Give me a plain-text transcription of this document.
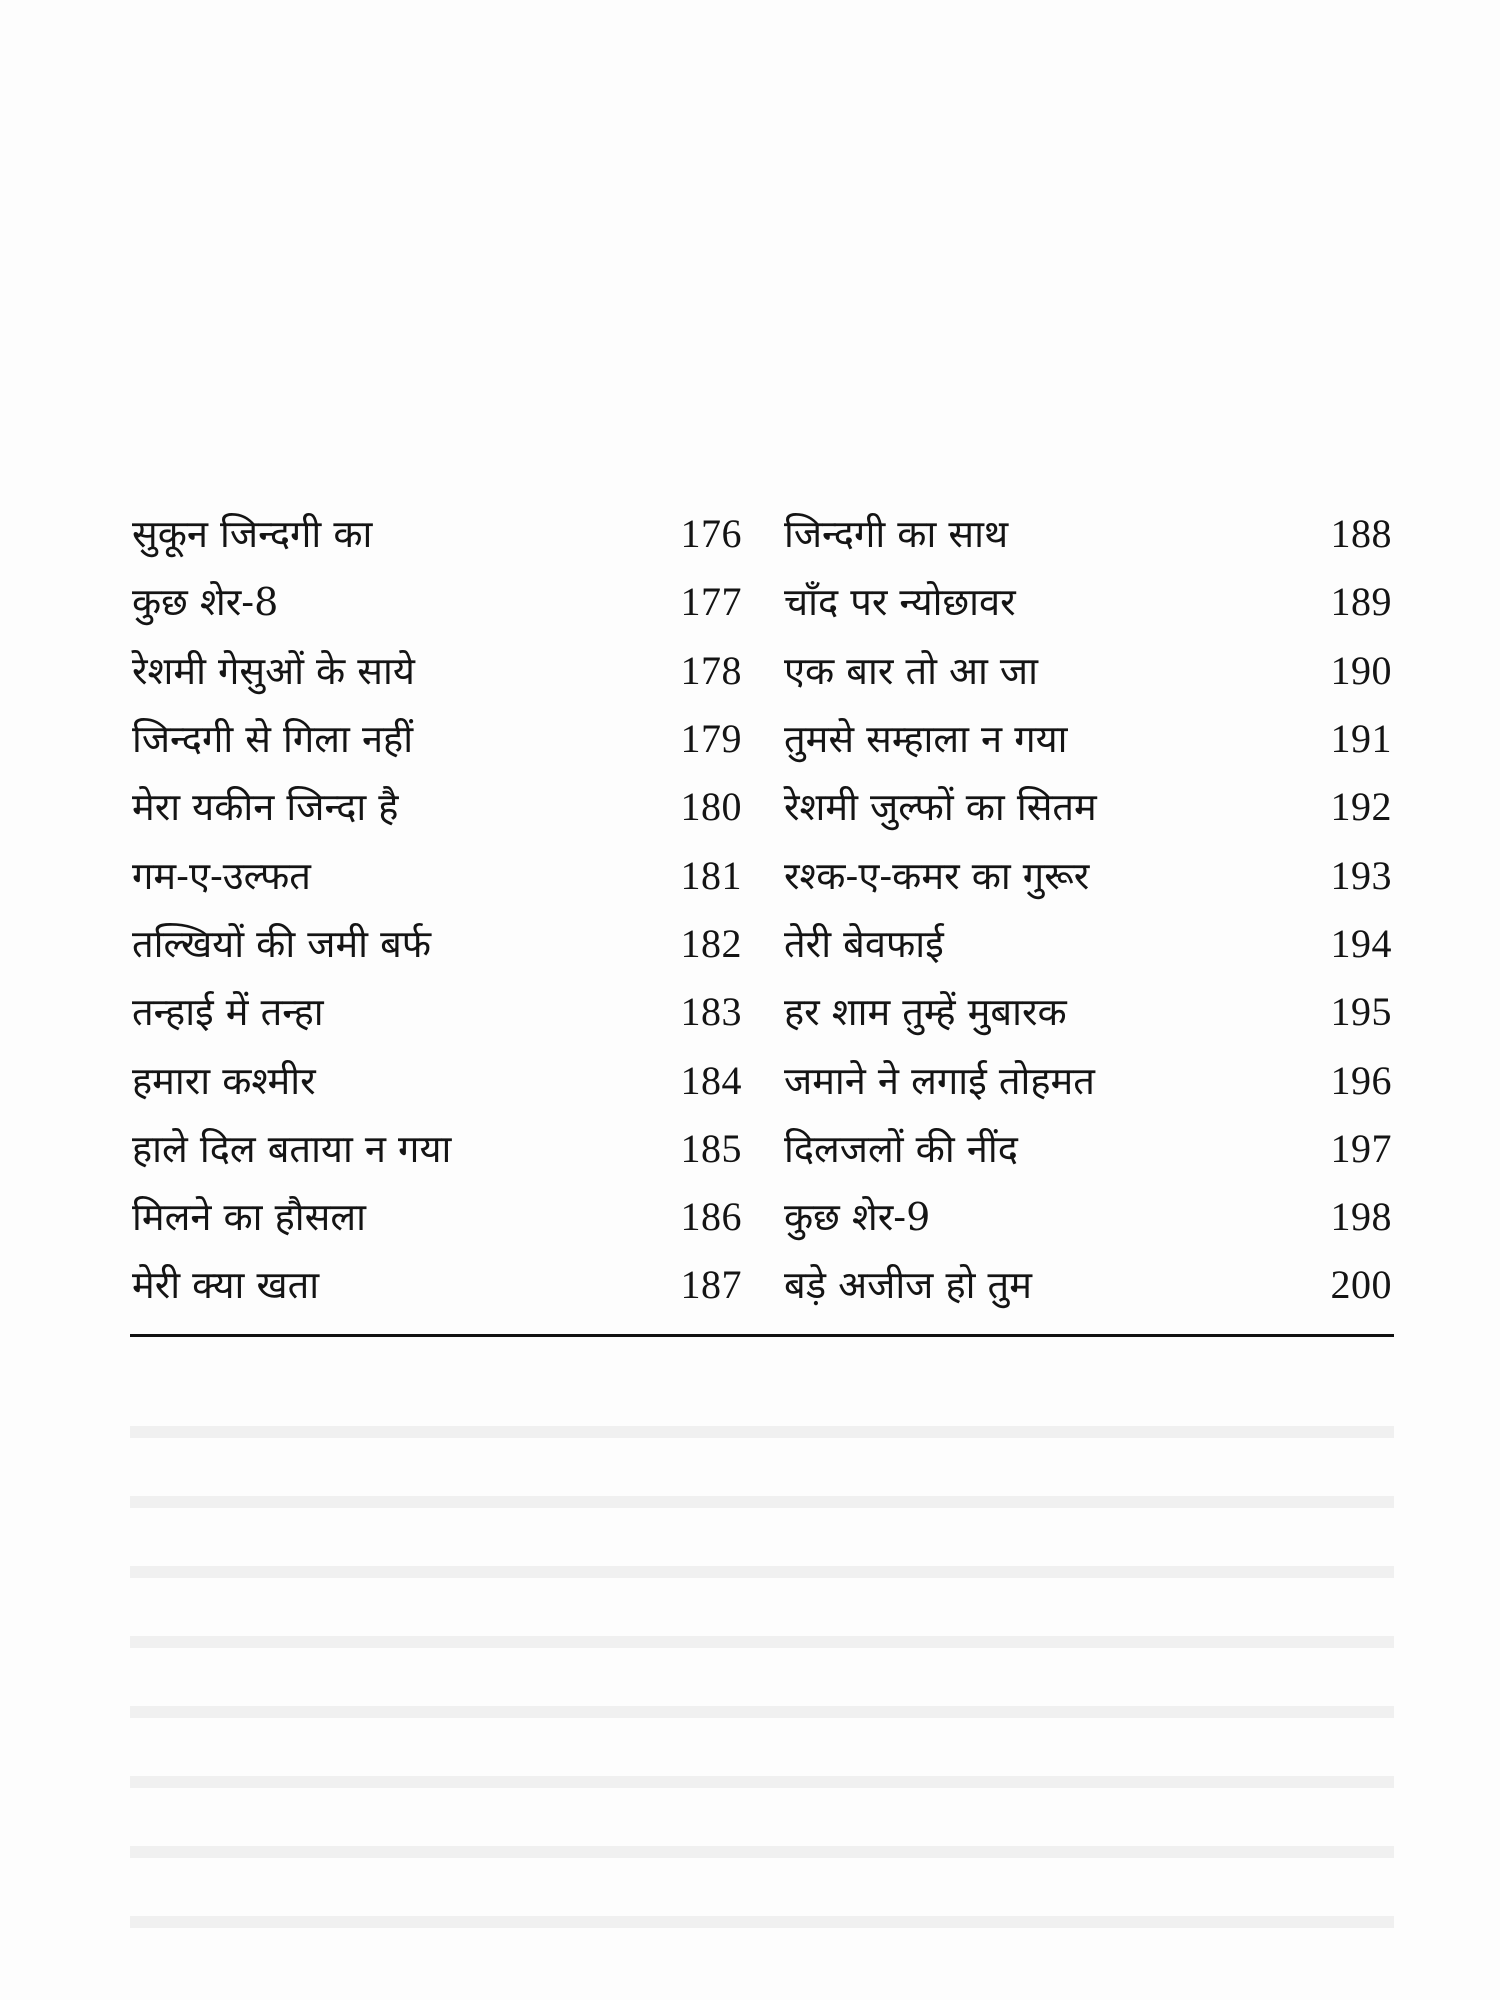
सुकून जिन्दगी का	176
कुछ शेर-8	177
रेशमी गेसुओं के साये	178
जिन्दगी से गिला नहीं	179
मेरा यकीन जिन्दा है	180
गम-ए-उल्फत	181
तल्खियों की जमी बर्फ	182
तन्हाई में तन्हा	183
हमारा कश्मीर	184
हाले दिल बताया न गया	185
मिलने का हौसला	186
मेरी क्या खता	187
जिन्दगी का साथ	188
चाँद पर न्योछावर	189
एक बार तो आ जा	190
तुमसे सम्हाला न गया	191
रेशमी जुल्फों का सितम	192
रश्क-ए-कमर का गुरूर	193
तेरी बेवफाई	194
हर शाम तुम्हें मुबारक	195
जमाने ने लगाई तोहमत	196
दिलजलों की नींद	197
कुछ शेर-9	198
बड़े अजीज हो तुम	200
